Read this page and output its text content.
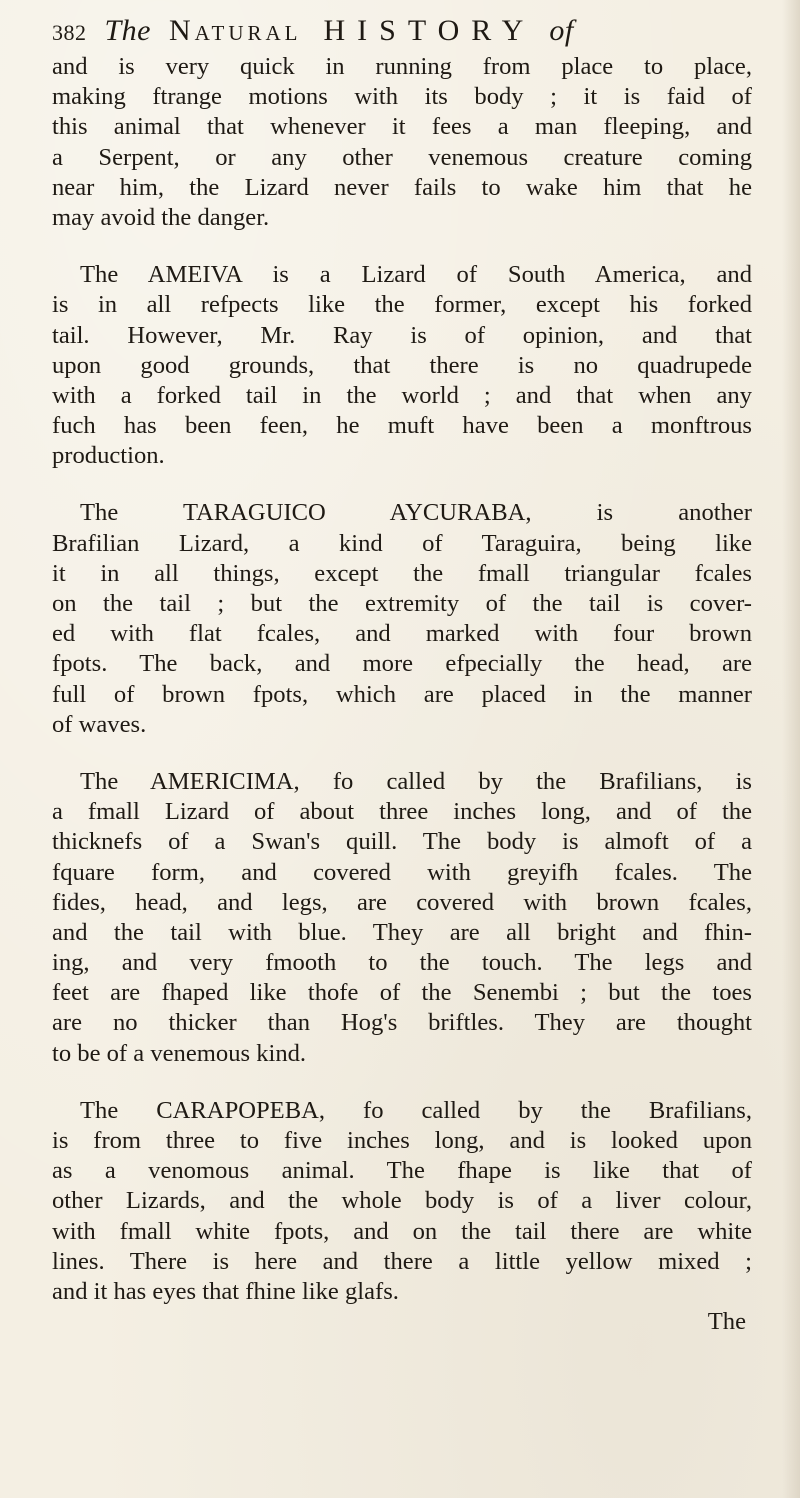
382 The Natural HISTORY of
and is very quick in running from place to place,
making ftrange motions with its body ; it is faid of
this animal that whenever it fees a man fleeping, and
a Serpent, or any other venemous creature coming
near him, the Lizard never fails to wake him that he
may avoid the danger.
The AMEIVA is a Lizard of South America, and
is in all refpects like the former, except his forked
tail. However, Mr. Ray is of opinion, and that
upon good grounds, that there is no quadrupede
with a forked tail in the world ; and that when any
fuch has been feen, he muft have been a monftrous
production.
The TARAGUICO AYCURABA, is another
Brafilian Lizard, a kind of Taraguira, being like
it in all things, except the fmall triangular fcales
on the tail ; but the extremity of the tail is cover-
ed with flat fcales, and marked with four brown
fpots. The back, and more efpecially the head, are
full of brown fpots, which are placed in the manner
of waves.
The AMERICIMA, fo called by the Brafilians, is
a fmall Lizard of about three inches long, and of the
thicknefs of a Swan's quill. The body is almoft of a
fquare form, and covered with greyifh fcales. The
fides, head, and legs, are covered with brown fcales,
and the tail with blue. They are all bright and fhin-
ing, and very fmooth to the touch. The legs and
feet are fhaped like thofe of the Senembi ; but the toes
are no thicker than Hog's briftles. They are thought
to be of a venemous kind.
The CARAPOPEBA, fo called by the Brafilians,
is from three to five inches long, and is looked upon
as a venomous animal. The fhape is like that of
other Lizards, and the whole body is of a liver colour,
with fmall white fpots, and on the tail there are white
lines. There is here and there a little yellow mixed ;
and it has eyes that fhine like glafs.
The
